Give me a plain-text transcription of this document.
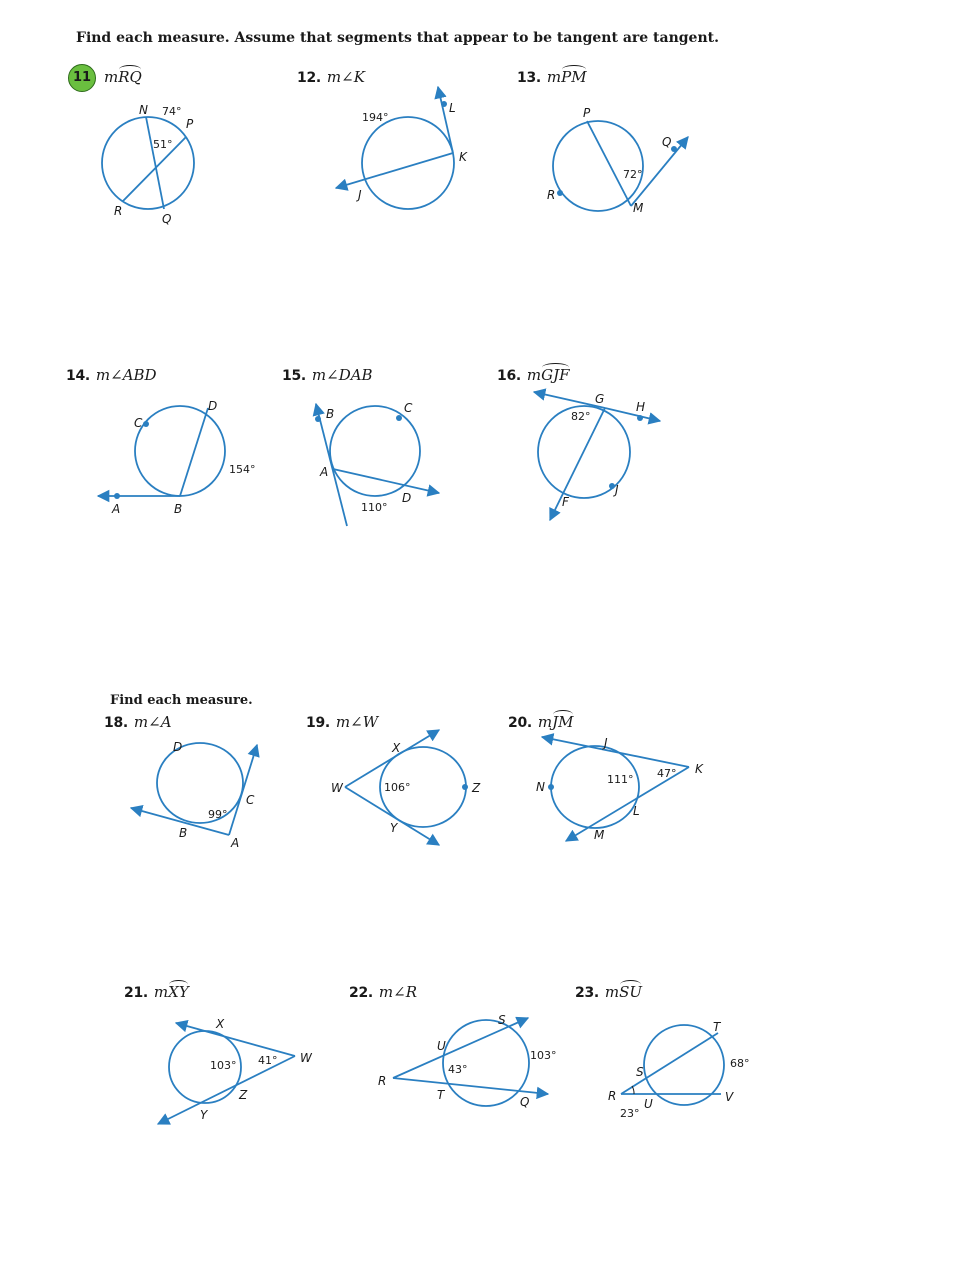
Find each measure. Assume that segments that appear to be tangent are tangent.
Find each measure.
11 mRQ	12. m∠K	13. mPM
14. m∠ABD	15. m∠DAB	16. mGJF
18. m∠A	19. m∠W	20. mJM
21. mXY	22. m∠R	23. mSU
N
P
R
Q
74°
51°
L
K
J
194°	P
Q
R
M
72°
C
D
A	B
154°
B	C
A
D
110°
G
H
J
F
82°
D
C
B
A
99°
X
W	Z
Y
106°
J
K
N
L
M
111° 47°
X
W
Z
Y
103° 41°
S
U
R
T	Q
103°
43°
T
S
R
U	V
68°
23°
